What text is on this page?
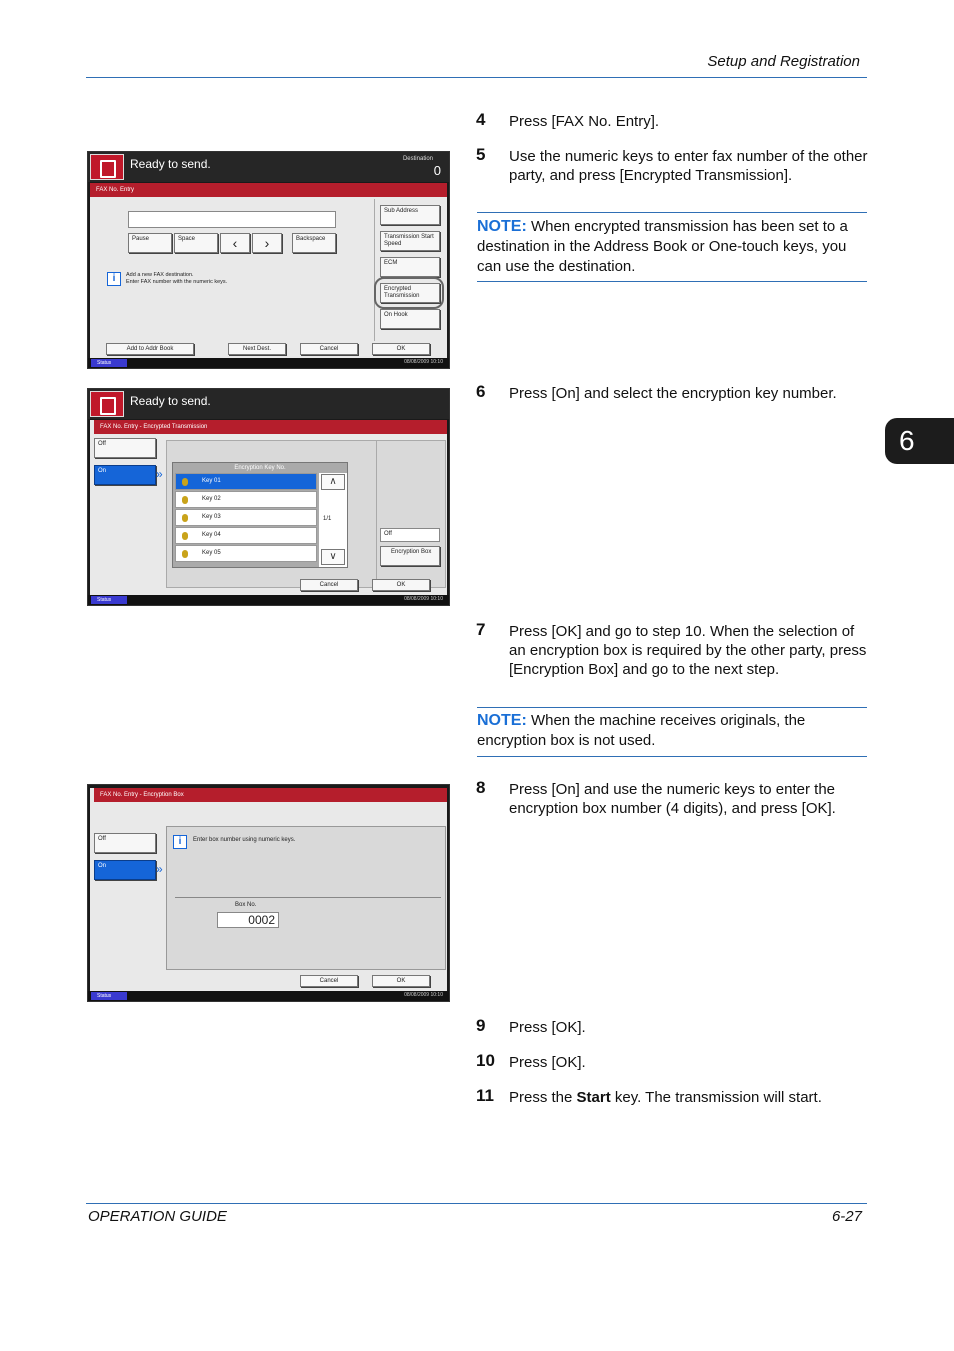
Setup and Registration
6
4 Press [FAX No. Entry].
5 Use the numeric keys to enter fax number of the other party, and press [Encrypted Transmission].
NOTE: When encrypted transmission has been set to a destination in the Address Book or One-touch keys, you can use the destination.
6 Press [On] and select the encryption key number.
7 Press [OK] and go to step 10. When the selection of an encryption box is required by the other party, press [Encryption Box] and go to the next step.
NOTE: When the machine receives originals, the encryption box is not used.
8 Press [On] and use the numeric keys to enter the encryption box number (4 digits), and press [OK].
9 Press [OK].
10 Press [OK].
11 Press the Start key. The transmission will start.
Ready to send.	Destination
0
FAX No. Entry
Pause	Space	‹	›	Backspace
i	Add a new FAX destination.
Enter FAX number with the numeric keys.
Sub Address
Transmission Start Speed
ECM
Encrypted Transmission
On Hook
Add to Addr Book	Next Dest.	Cancel	OK
Status	08/08/2009 10:10
Ready to send.
FAX No. Entry - Encrypted Transmission
Off
On	»	Encryption Key No.
Key 01
Key 02
Key 03
Key 04
Key 05
∧
1/1
∨
Off
Encryption Box
Cancel	OK
Status	08/08/2009 10:10
FAX No. Entry - Encryption Box
Off
On	»
i	Enter box number using numeric keys.
Box No.
0002
Cancel	OK
Status	08/08/2009 10:10
OPERATION GUIDE	6-27
